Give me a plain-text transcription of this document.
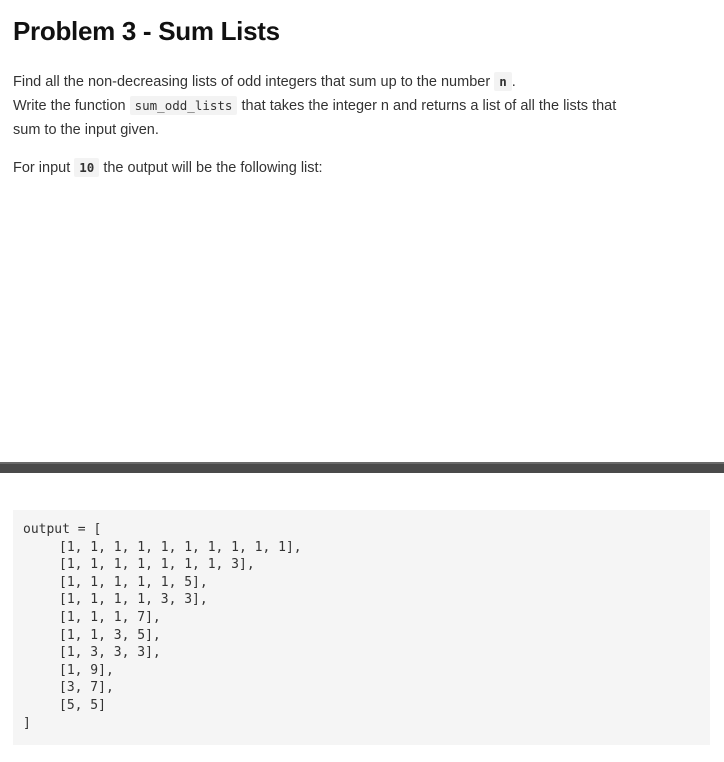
Problem 3 - Sum Lists

Find all the non-decreasing lists of odd integers that sum up to the number n .
Write the function sum_odd_lists that takes the integer n and returns a list of all the lists that
sum to the input given.

For input 10 the output will be the following list:

output = [
[1, 1, 1, 1, 1, 1, 1, 1, 1, 1],
[1, 1, 1, 1, 1, 1, 1, 3],
[1, 1, 1, 1, 1, 5],
[1, 1, 1, 1, 3, 3],
[1, 1, 1, 7],
[1, 1, 3, 5],
[1, 3, 3, 3],
[1, 9],
[3, 7],
[5, 5]
]
